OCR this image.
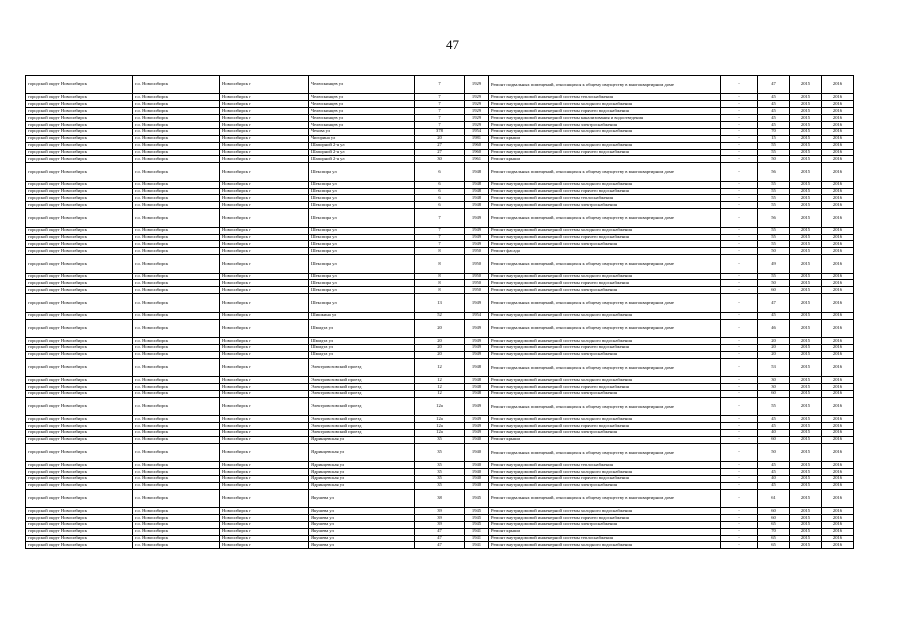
47
городской округ Новосибирск	г.о. Новосибирск	Новосибирск г	Челюскинцев ул	7	1929	Ремонт подвальных помещений, относящихся к общему имуществу в многоквартирном доме	-	47	2015	2016
городской округ Новосибирск	г.о. Новосибирск	Новосибирск г	Челюскинцев ул	7	1929	Ремонт внутридомовой инженерной системы теплоснабжения	-	45	2015	2016
городской округ Новосибирск	г.о. Новосибирск	Новосибирск г	Челюскинцев ул	7	1929	Ремонт внутридомовой инженерной системы холодного водоснабжения	-	45	2015	2016
городской округ Новосибирск	г.о. Новосибирск	Новосибирск г	Челюскинцев ул	7	1929	Ремонт внутридомовой инженерной системы горячего водоснабжения	-	45	2015	2016
городской округ Новосибирск	г.о. Новосибирск	Новосибирск г	Челюскинцев ул	7	1929	Ремонт внутридомовой инженерной системы канализования и водоотведения	-	45	2015	2016
городской округ Новосибирск	г.о. Новосибирск	Новосибирск г	Челюскинцев ул	7	1929	Ремонт внутридомовой инженерной системы электроснабжения	-	45	2015	2016
городской округ Новосибирск	г.о. Новосибирск	Новосибирск г	Чехова ул	378	1954	Ремонт внутридомовой инженерной системы холодного водоснабжения	-	70	2015	2016
городской округ Новосибирск	г.о. Новосибирск	Новосибирск г	Чигорина ул	20	1981	Ремонт крыши	-	15	2015	2016
городской округ Новосибирск	г.о. Новосибирск	Новосибирск г	Шапорной 2-я ул	27	1960	Ремонт внутридомовой инженерной системы холодного водоснабжения	-	55	2015	2016
городской округ Новосибирск	г.о. Новосибирск	Новосибирск г	Шапорной 2-я ул	27	1960	Ремонт внутридомовой инженерной системы горячего водоснабжения	-	55	2015	2016
городской округ Новосибирск	г.о. Новосибирск	Новосибирск г	Шапорной 2-я ул	30	1961	Ремонт крыши	-	50	2015	2016
городской округ Новосибирск	г.о. Новосибирск	Новосибирск г	Шекспира ул	6	1948	Ремонт подвальных помещений, относящихся к общему имуществу в многоквартирном доме	-	56	2015	2016
городской округ Новосибирск	г.о. Новосибирск	Новосибирск г	Шекспира ул	6	1948	Ремонт внутридомовой инженерной системы холодного водоснабжения	-	55	2015	2016
городской округ Новосибирск	г.о. Новосибирск	Новосибирск г	Шекспира ул	6	1948	Ремонт внутридомовой инженерной системы горячего водоснабжения	-	55	2015	2016
городской округ Новосибирск	г.о. Новосибирск	Новосибирск г	Шекспира ул	6	1948	Ремонт внутридомовой инженерной системы теплоснабжения	-	55	2015	2016
городской округ Новосибирск	г.о. Новосибирск	Новосибирск г	Шекспира ул	6	1948	Ремонт внутридомовой инженерной системы электроснабжения	-	55	2015	2016
городской округ Новосибирск	г.о. Новосибирск	Новосибирск г	Шекспира ул	7	1949	Ремонт подвальных помещений, относящихся к общему имуществу в многоквартирном доме	-	56	2015	2016
городской округ Новосибирск	г.о. Новосибирск	Новосибирск г	Шекспира ул	7	1949	Ремонт внутридомовой инженерной системы холодного водоснабжения	-	55	2015	2016
городской округ Новосибирск	г.о. Новосибирск	Новосибирск г	Шекспира ул	7	1949	Ремонт внутридомовой инженерной системы горячего водоснабжения	-	55	2015	2016
городской округ Новосибирск	г.о. Новосибирск	Новосибирск г	Шекспира ул	7	1949	Ремонт внутридомовой инженерной системы электроснабжения	-	55	2015	2016
городской округ Новосибирск	г.о. Новосибирск	Новосибирск г	Шекспира ул	8	1950	Ремонт фасада	-	50	2015	2016
городской округ Новосибирск	г.о. Новосибирск	Новосибирск г	Шекспира ул	8	1950	Ремонт подвальных помещений, относящихся к общему имуществу в многоквартирном доме	-	49	2015	2016
городской округ Новосибирск	г.о. Новосибирск	Новосибирск г	Шекспира ул	8	1950	Ремонт внутридомовой инженерной системы холодного водоснабжения	-	55	2015	2016
городской округ Новосибирск	г.о. Новосибирск	Новосибирск г	Шекспира ул	8	1950	Ремонт внутридомовой инженерной системы горячего водоснабжения	-	50	2015	2016
городской округ Новосибирск	г.о. Новосибирск	Новосибирск г	Шекспира ул	8	1950	Ремонт внутридомовой инженерной системы электроснабжения	-	60	2015	2016
городской округ Новосибирск	г.о. Новосибирск	Новосибирск г	Шекспира ул	13	1949	Ремонт подвальных помещений, относящихся к общему имуществу в многоквартирном доме	-	47	2015	2016
городской округ Новосибирск	г.о. Новосибирск	Новосибирск г	Шишкина ул	52	1954	Ремонт внутридомовой инженерной системы холодного водоснабжения	-	45	2015	2016
городской округ Новосибирск	г.о. Новосибирск	Новосибирск г	Шмидта ул	20	1949	Ремонт подвальных помещений, относящихся к общему имуществу в многоквартирном доме	-	46	2015	2016
городской округ Новосибирск	г.о. Новосибирск	Новосибирск г	Шмидта ул	20	1949	Ремонт внутридомовой инженерной системы холодного водоснабжения	-	20	2015	2016
городской округ Новосибирск	г.о. Новосибирск	Новосибирск г	Шмидта ул	20	1949	Ремонт внутридомовой инженерной системы горячего водоснабжения	-	20	2015	2016
городской округ Новосибирск	г.о. Новосибирск	Новосибирск г	Шмидта ул	20	1949	Ремонт внутридомовой инженерной системы электроснабжения	-	20	2015	2016
городской округ Новосибирск	г.о. Новосибирск	Новосибирск г	Электровозовский проезд	12	1948	Ремонт подвальных помещений, относящихся к общему имуществу в многоквартирном доме	-	53	2015	2016
городской округ Новосибирск	г.о. Новосибирск	Новосибирск г	Электровозовский проезд	12	1948	Ремонт внутридомовой инженерной системы холодного водоснабжения	-	30	2015	2016
городской округ Новосибирск	г.о. Новосибирск	Новосибирск г	Электровозовский проезд	12	1948	Ремонт внутридомовой инженерной системы горячего водоснабжения	-	30	2015	2016
городской округ Новосибирск	г.о. Новосибирск	Новосибирск г	Электровозовский проезд	12	1948	Ремонт внутридомовой инженерной системы электроснабжения	-	60	2015	2016
городской округ Новосибирск	г.о. Новосибирск	Новосибирск г	Электровозовский проезд	12а	1949	Ремонт подвальных помещений, относящихся к общему имуществу в многоквартирном доме	-	55	2015	2016
городской округ Новосибирск	г.о. Новосибирск	Новосибирск г	Электровозовский проезд	12а	1949	Ремонт внутридомовой инженерной системы холодного водоснабжения	-	45	2015	2016
городской округ Новосибирск	г.о. Новосибирск	Новосибирск г	Электровозовский проезд	12а	1949	Ремонт внутридомовой инженерной системы горячего водоснабжения	-	45	2015	2016
городской округ Новосибирск	г.о. Новосибирск	Новосибирск г	Электровозовский проезд	12а	1949	Ремонт внутридомовой инженерной системы электроснабжения	-	40	2015	2016
городской округ Новосибирск	г.о. Новосибирск	Новосибирск г	Ядринцевская ул	35	1940	Ремонт крыши	-	60	2015	2016
городской округ Новосибирск	г.о. Новосибирск	Новосибирск г	Ядринцевская ул	35	1940	Ремонт подвальных помещений, относящихся к общему имуществу в многоквартирном доме	-	50	2015	2016
городской округ Новосибирск	г.о. Новосибирск	Новосибирск г	Ядринцевская ул	35	1940	Ремонт внутридомовой инженерной системы теплоснабжения	-	45	2015	2016
городской округ Новосибирск	г.о. Новосибирск	Новосибирск г	Ядринцевская ул	35	1940	Ремонт внутридомовой инженерной системы холодного водоснабжения	-	45	2015	2016
городской округ Новосибирск	г.о. Новосибирск	Новосибирск г	Ядринцевская ул	35	1940	Ремонт внутридомовой инженерной системы горячего водоснабжения	-	40	2015	2016
городской округ Новосибирск	г.о. Новосибирск	Новосибирск г	Ядринцевская ул	35	1940	Ремонт внутридомовой инженерной системы электроснабжения	-	45	2015	2016
городской округ Новосибирск	г.о. Новосибирск	Новосибирск г	Якушева ул	38	1945	Ремонт подвальных помещений, относящихся к общему имуществу в многоквартирном доме	-	61	2015	2016
городской округ Новосибирск	г.о. Новосибирск	Новосибирск г	Якушева ул	39	1945	Ремонт внутридомовой инженерной системы холодного водоснабжения	-	60	2015	2016
городской округ Новосибирск	г.о. Новосибирск	Новосибирск г	Якушева ул	39	1945	Ремонт внутридомовой инженерной системы горячего водоснабжения	-	60	2015	2016
городской округ Новосибирск	г.о. Новосибирск	Новосибирск г	Якушева ул	39	1945	Ремонт внутридомовой инженерной системы электроснабжения	-	65	2015	2016
городской округ Новосибирск	г.о. Новосибирск	Новосибирск г	Якушева ул	47	1941	Ремонт крыши	-	70	2015	2016
городской округ Новосибирск	г.о. Новосибирск	Новосибирск г	Якушева ул	47	1941	Ремонт внутридомовой инженерной системы теплоснабжения	-	65	2015	2016
городской округ Новосибирск	г.о. Новосибирск	Новосибирск г	Якушева ул	47	1941	Ремонт внутридомовой инженерной системы холодного водоснабжения	-	65	2015	2016
